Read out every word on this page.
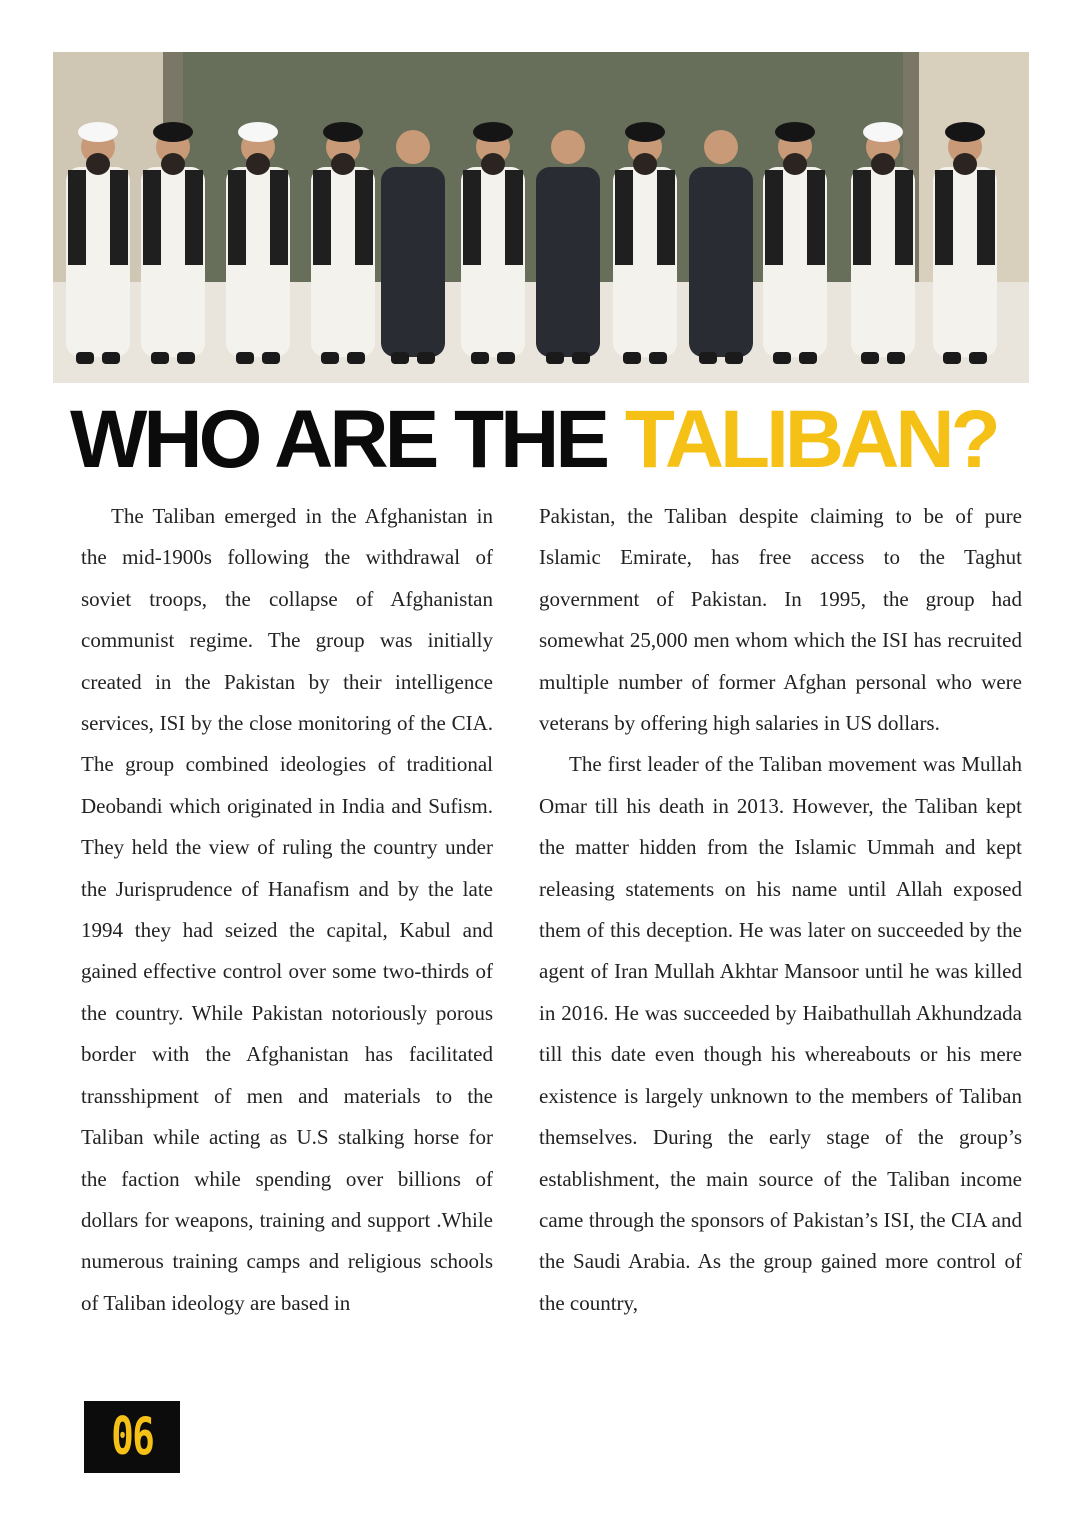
WHO ARE THE TALIBAN?

The Taliban emerged in the Afghanistan in the mid-1900s following the withdrawal of soviet troops, the collapse of Afghanistan communist regime. The group was initially created in the Pakistan by their intelligence services, ISI by the close monitoring of the CIA. The group combined ideologies of traditional Deobandi which originated in India and Sufism. They held the view of ruling the country under the Jurisprudence of Hanafism and by the late 1994 they had seized the capital, Kabul and gained effective control over some two-thirds of the country. While Pakistan notoriously porous border with the Afghanistan has facilitated transshipment of men and materials to the Taliban while acting as U.S stalking horse for the faction while spending over billions of dollars for weapons, training and support .While numerous training camps and religious schools of Taliban ideology are based in

Pakistan, the Taliban despite claiming to be of pure Islamic Emirate, has free access to the Taghut government of Pakistan. In 1995, the group had somewhat 25,000 men whom which the ISI has recruited multiple number of former Afghan personal who were veterans by offering high salaries in US dollars.

The first leader of the Taliban movement was Mullah Omar till his death in 2013. However, the Taliban kept the matter hidden from the Islamic Ummah and kept releasing statements on his name until Allah exposed them of this deception. He was later on succeeded by the agent of Iran Mullah Akhtar Mansoor until he was killed in 2016. He was succeeded by Haibathullah Akhundzada till this date even though his whereabouts or his mere existence is largely unknown to the members of Taliban themselves. During the early stage of the group’s establishment, the main source of the Taliban income came through the sponsors of Pakistan’s ISI, the CIA and the Saudi Arabia. As the group gained more control of the country,

06
